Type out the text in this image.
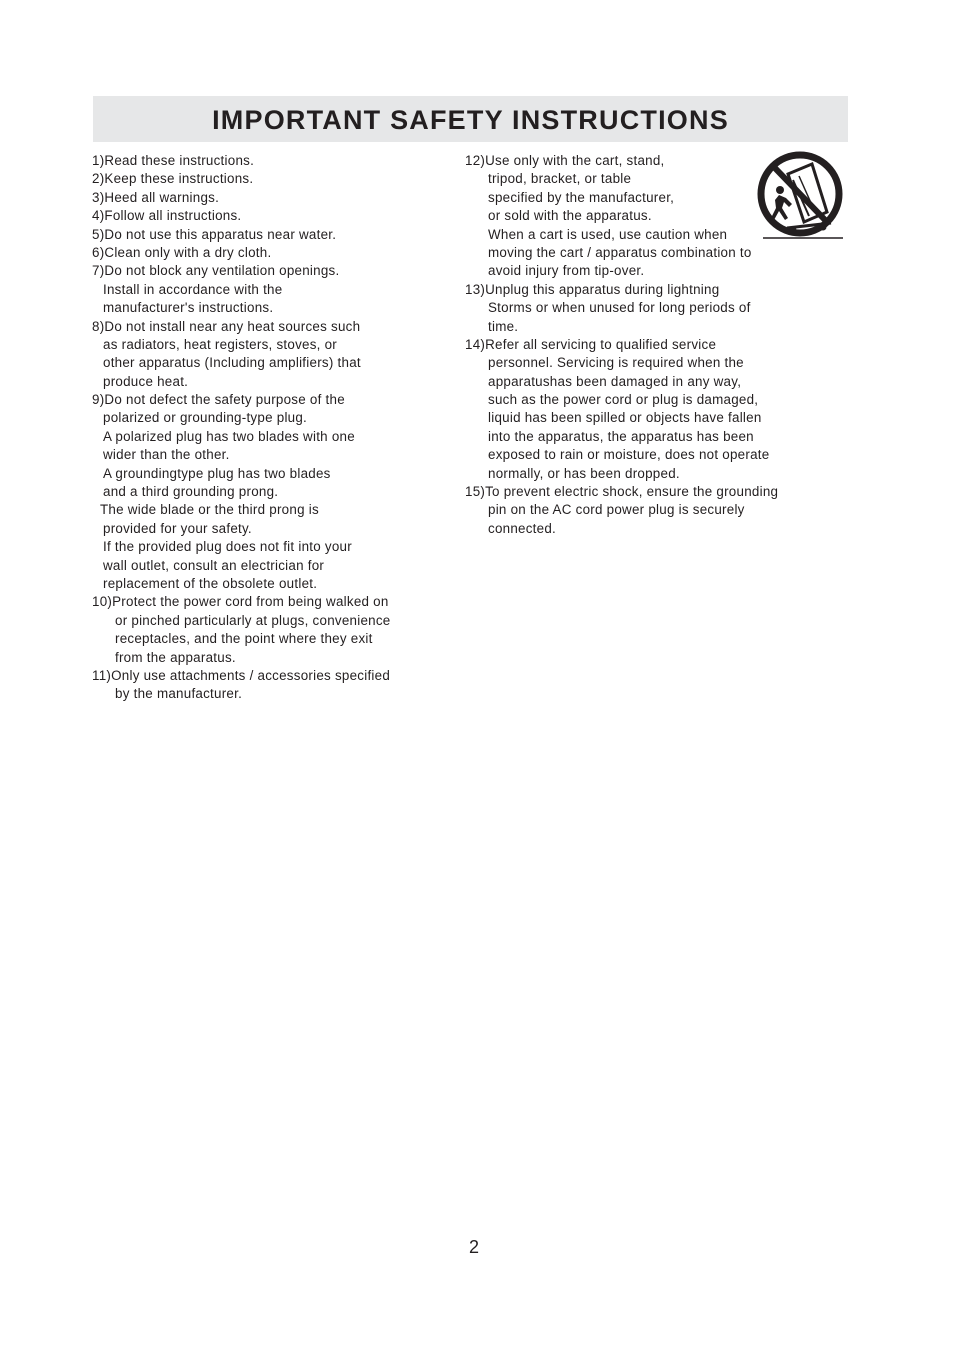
IMPORTANT SAFETY INSTRUCTIONS
1)Read these instructions.
2)Keep these instructions.
3)Heed all warnings.
4)Follow all instructions.
5)Do not use this apparatus near water.
6)Clean only with a dry cloth.
7)Do not block any ventilation openings.
Install in accordance with the
manufacturer's instructions.
8)Do not install near any heat sources such
as radiators, heat registers, stoves, or
other apparatus (Including amplifiers) that
produce heat.
9)Do not defect the safety purpose of the
polarized or grounding-type plug.
A polarized plug has two blades with one
wider than the other.
A groundingtype plug has two blades
and a third grounding prong.
The wide blade or the third prong is
provided for your safety.
If the provided plug does not fit into your
wall outlet, consult an electrician for
replacement of the obsolete outlet.
10)Protect the power cord from being walked on
or pinched particularly at plugs, convenience
receptacles, and the point where they exit
from the apparatus.
11)Only use attachments / accessories specified
by the manufacturer.
12)Use only with the cart, stand,
tripod, bracket, or table
specified by the manufacturer,
or sold with the apparatus.
When a cart is used, use caution when
moving the cart / apparatus combination to
avoid injury from tip-over.
13)Unplug this apparatus during lightning
Storms or when unused for long periods of
time.
14)Refer all servicing to qualified service
personnel. Servicing is required when the
apparatushas been damaged in any way,
such as the power cord or plug is damaged,
liquid has been spilled or objects have fallen
into the apparatus, the apparatus has been
exposed to rain or moisture, does not operate
normally, or has been dropped.
15)To prevent electric shock, ensure the grounding
pin on the AC cord power plug is securely
connected.
2
